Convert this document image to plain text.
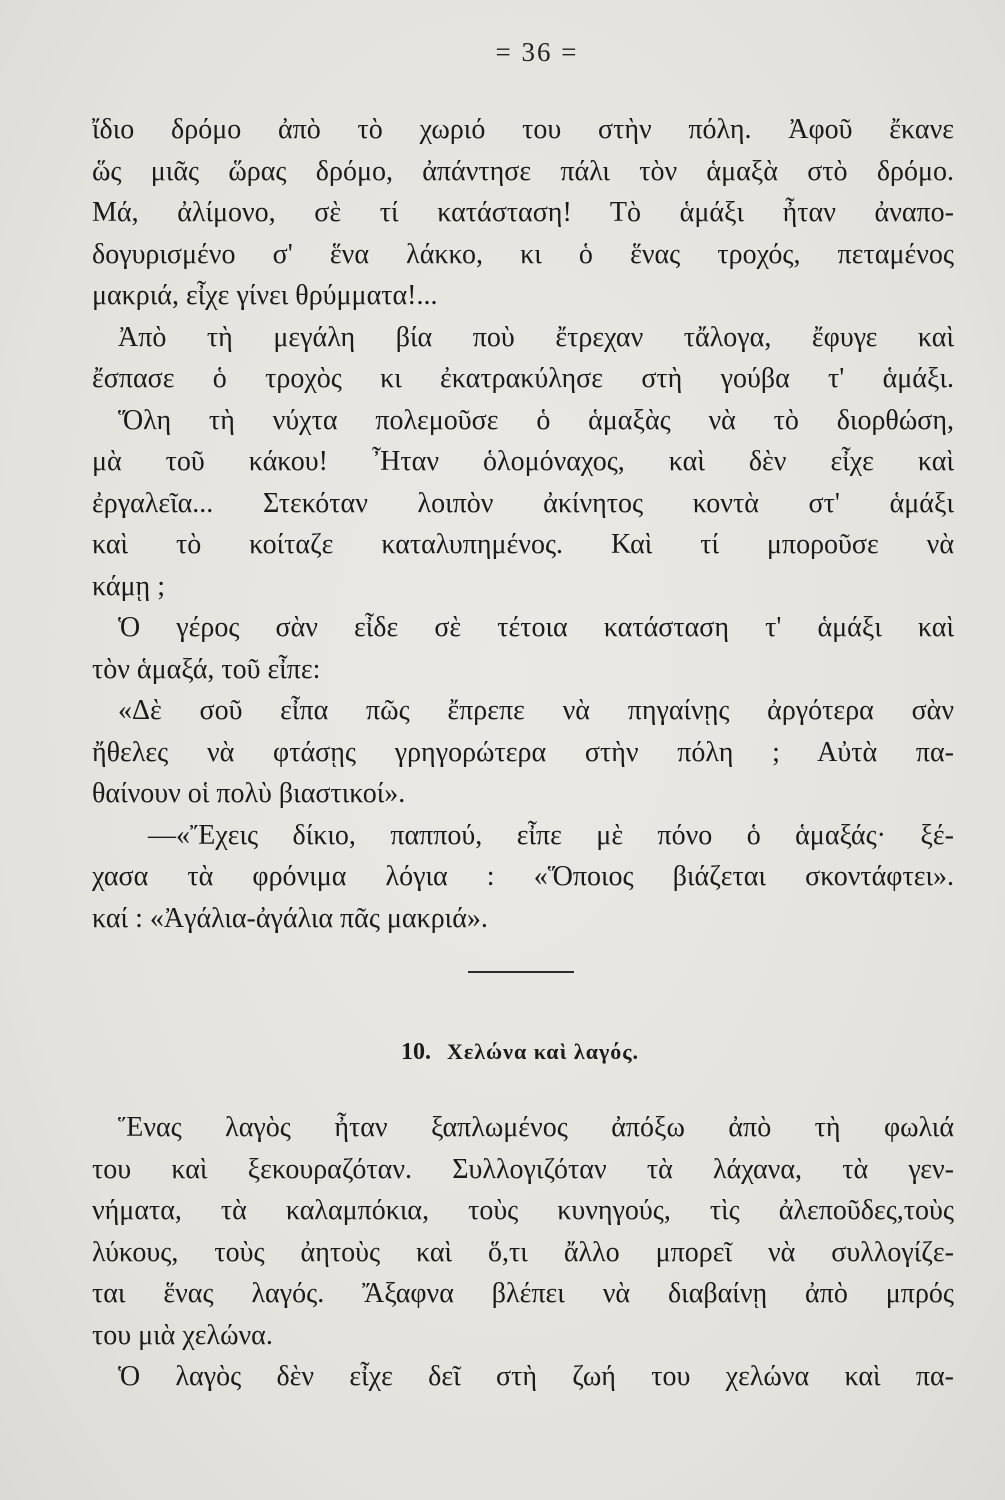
= 36 =
ἴδιο δρόμο ἀπὸ τὸ χωριό του στὴν πόλη. Ἀφοῦ ἔκανε
ὥς μιᾶς ὥρας δρόμο, ἀπάντησε πάλι τὸν ἁμαξὰ στὸ δρόμο.
Μά, ἀλίμονο, σὲ τί κατάσταση! Τὸ ἁμάξι ἦταν ἀναπο-
δογυρισμένο σ' ἕνα λάκκο, κι ὁ ἕνας τροχός, πεταμένος
μακριά, εἶχε γίνει θρύμματα!...
Ἀπὸ τὴ μεγάλη βία ποὺ ἔτρεχαν τἄλογα, ἔφυγε καὶ
ἔσπασε ὁ τροχὸς κι ἐκατρακύλησε στὴ γούβα τ' ἁμάξι.
Ὅλη τὴ νύχτα πολεμοῦσε ὁ ἁμαξὰς νὰ τὸ διορθώση,
μὰ τοῦ κάκου! Ἦταν ὁλομόναχος, καὶ δὲν εἶχε καὶ
ἐργαλεῖα... Στεκόταν λοιπὸν ἀκίνητος κοντὰ στ' ἁμάξι
καὶ τὸ κοίταζε καταλυπημένος. Καὶ τί μποροῦσε νὰ
κάμῃ ;
Ὁ γέρος σὰν εἶδε σὲ τέτοια κατάσταση τ' ἁμάξι καὶ
τὸν ἁμαξά, τοῦ εἶπε:
«Δὲ σοῦ εἶπα πῶς ἔπρεπε νὰ πηγαίνῃς ἀργότερα σὰν
ἤθελες νὰ φτάσῃς γρηγορώτερα στὴν πόλη ; Αὐτὰ πα-
θαίνουν οἱ πολὺ βιαστικοί».
—«Ἔχεις δίκιο, παππού, εἶπε μὲ πόνο ὁ ἁμαξάς· ξέ-
χασα τὰ φρόνιμα λόγια : «Ὅποιος βιάζεται σκοντάφτει».
καί : «Ἀγάλια-ἀγάλια πᾶς μακριά».
10. Χελώνα καὶ λαγός.
Ἕνας λαγὸς ἦταν ξαπλωμένος ἀπόξω ἀπὸ τὴ φωλιά
του καὶ ξεκουραζόταν. Συλλογιζόταν τὰ λάχανα, τὰ γεν-
νήματα, τὰ καλαμπόκια, τοὺς κυνηγούς, τὶς ἀλεποῦδες,τοὺς
λύκους, τοὺς ἀητοὺς καὶ ὅ,τι ἄλλο μπορεῖ νὰ συλλογίζε-
ται ἕνας λαγός. Ἄξαφνα βλέπει νὰ διαβαίνῃ ἀπὸ μπρός
του μιὰ χελώνα.
Ὁ λαγὸς δὲν εἶχε δεῖ στὴ ζωή του χελώνα καὶ πα-
